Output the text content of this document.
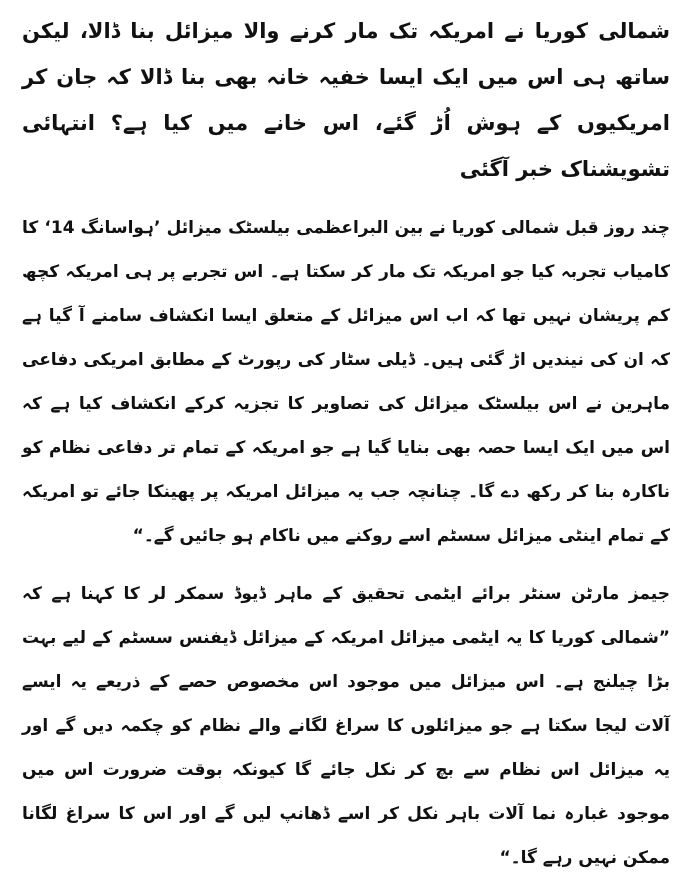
شمالی کوریا نے امریکہ تک مار کرنے والا میزائل بنا ڈالا، لیکن ساتھ ہی اس میں ایک ایسا خفیہ خانہ بھی بنا ڈالا کہ جان کر امریکیوں کے ہوش اُڑ گئے، اس خانے میں کیا ہے؟ انتہائی تشویشناک خبر آگئی

چند روز قبل شمالی کوریا نے بین البراعظمی بیلسٹک میزائل ’ہواسانگ 14‘ کا کامیاب تجربہ کیا جو امریکہ تک مار کر سکتا ہے۔ اس تجربے پر ہی امریکہ کچھ کم پریشان نہیں تھا کہ اب اس میزائل کے متعلق ایسا انکشاف سامنے آ گیا ہے کہ ان کی نیندیں اڑ گئی ہیں۔ ڈیلی سٹار کی رپورٹ کے مطابق امریکی دفاعی ماہرین نے اس بیلسٹک میزائل کی تصاویر کا تجزیہ کرکے انکشاف کیا ہے کہ اس میں ایک ایسا حصہ بھی بنایا گیا ہے جو امریکہ کے تمام تر دفاعی نظام کو ناکارہ بنا کر رکھ دے گا۔ چنانچہ جب یہ میزائل امریکہ پر پھینکا جائے تو امریکہ کے تمام اینٹی میزائل سسٹم اسے روکنے میں ناکام ہو جائیں گے۔“

جیمز مارٹن سنٹر برائے ایٹمی تحقیق کے ماہر ڈیوڈ سمکر لر کا کہنا ہے کہ ”شمالی کوریا کا یہ ایٹمی میزائل امریکہ کے میزائل ڈیفنس سسٹم کے لیے بہت بڑا چیلنج ہے۔ اس میزائل میں موجود اس مخصوص حصے کے ذریعے یہ ایسے آلات لیجا سکتا ہے جو میزائلوں کا سراغ لگانے والے نظام کو چکمہ دیں گے اور یہ میزائل اس نظام سے بچ کر نکل جائے گا کیونکہ بوقت ضرورت اس میں موجود غبارہ نما آلات باہر نکل کر اسے ڈھانپ لیں گے اور اس کا سراغ لگانا ممکن نہیں رہے گا۔“
